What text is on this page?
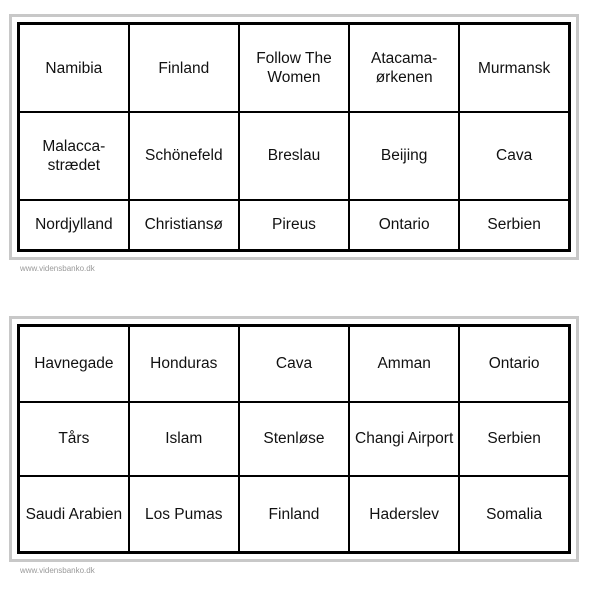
Namibia	Finland	Follow The Women	Atacama-ørkenen	Murmansk
Malacca-strædet	Schönefeld	Breslau	Beijing	Cava
Nordjylland	Christiansø	Pireus	Ontario	Serbien
www.vidensbanko.dk
Havnegade	Honduras	Cava	Amman	Ontario
Tårs	Islam	Stenløse	Changi Airport	Serbien
Saudi Arabien	Los Pumas	Finland	Haderslev	Somalia
www.vidensbanko.dk
